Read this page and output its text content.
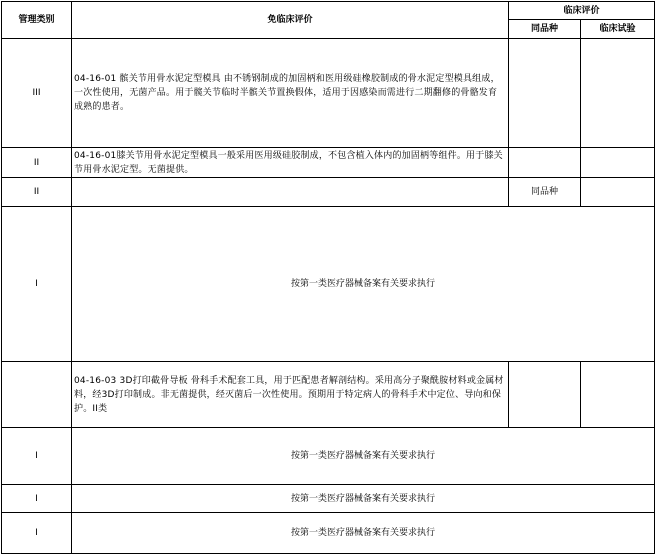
管理类别	免临床评价	临床评价	
		同品种	临床试验
III	04-16-01 髌关节用骨水泥定型模具 由不锈钢制成的加固柄和医用级硅橡胶制成的骨水泥定型模具组成，一次性使用，无菌产品。用于髋关节临时半髌关节置换假体，适用于因感染而需进行二期翻修的骨骼发育成熟的患者。		
II	04-16-01膝关节用骨水泥定型模具一般采用医用级硅胶制成，不包含植入体内的加固柄等组件。用于膝关节用骨水泥定型。无菌提供。		
II		同品种	
I	按第一类医疗器械备案有关要求执行		
	04-16-03 3D打印截骨导板 骨科手术配套工具，用于匹配患者解剖结构。采用高分子聚酰胺材料或金属材料，经3D打印制成。非无菌提供，经灭菌后一次性使用。预期用于特定病人的骨科手术中定位、导向和保护。II类		
I	按第一类医疗器械备案有关要求执行		
I	按第一类医疗器械备案有关要求执行		
I	按第一类医疗器械备案有关要求执行		
